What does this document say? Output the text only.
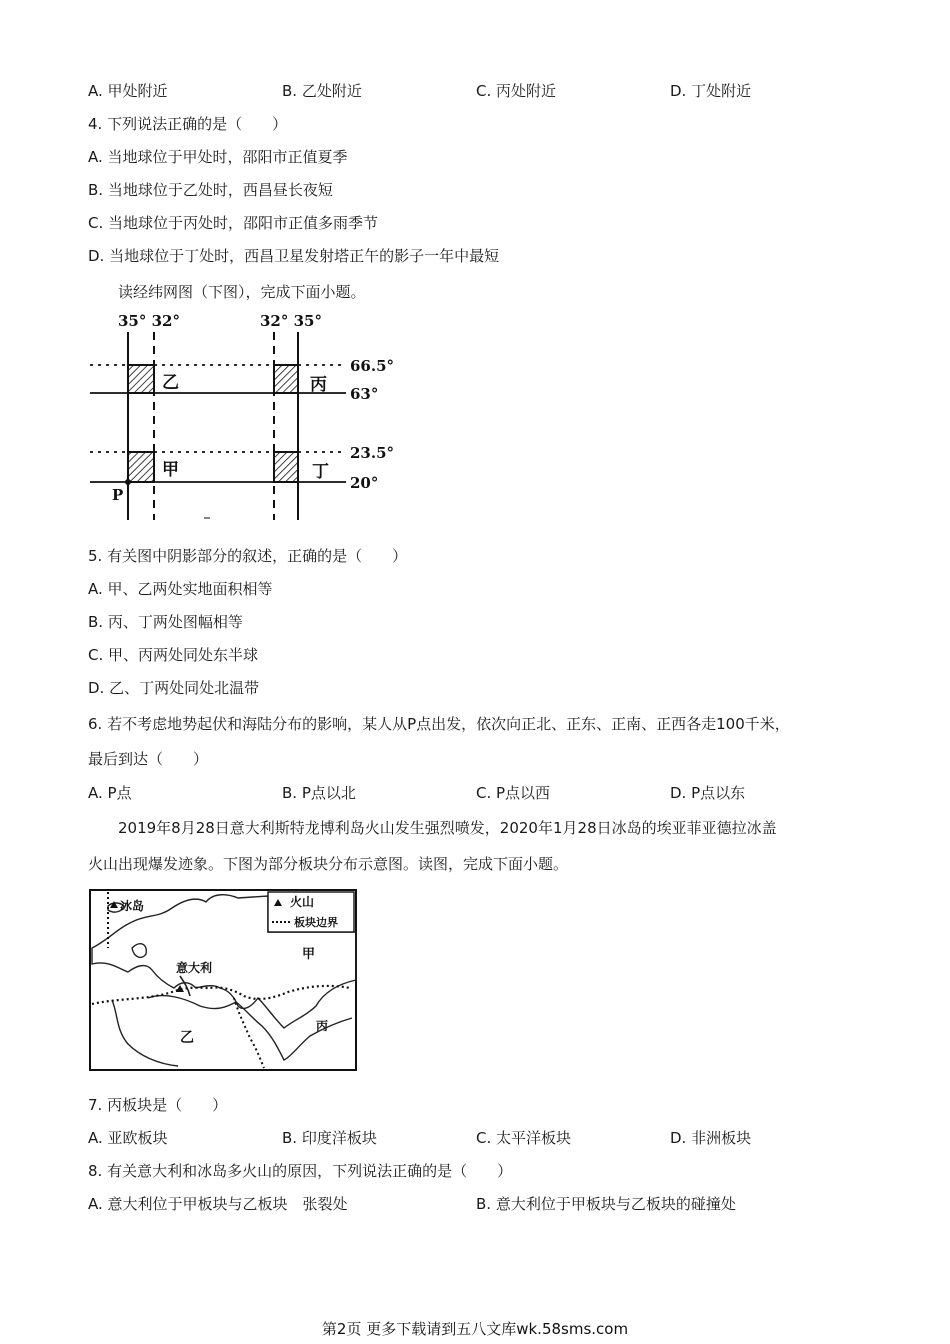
A. 甲处附近	B. 乙处附近	C. 丙处附近	D. 丁处附近
4. 下列说法正确的是（　　）
A. 当地球位于甲处时，邵阳市正值夏季
B. 当地球位于乙处时，西昌昼长夜短
C. 当地球位于丙处时，邵阳市正值多雨季节
D. 当地球位于丁处时，西昌卫星发射塔正午的影子一年中最短
读经纬网图（下图），完成下面小题。
35° 32°	32° 35°
乙	丙
甲	丁
66.5°
63°
23.5°
20°
P
5. 有关图中阴影部分的叙述，正确的是（　　）
A. 甲、乙两处实地面积相等
B. 丙、丁两处图幅相等
C. 甲、丙两处同处东半球
D. 乙、丁两处同处北温带
6. 若不考虑地势起伏和海陆分布的影响，某人从P点出发，依次向正北、正东、正南、正西各走100千米，
最后到达（　　）
A. P点	B. P点以北	C. P点以西	D. P点以东
2019年8月28日意大利斯特龙博利岛火山发生强烈喷发，2020年1月28日冰岛的埃亚菲亚德拉冰盖
火山出现爆发迹象。下图为部分板块分布示意图。读图，完成下面小题。
冰岛
意大利
甲
乙
丙
火山
板块边界
7. 丙板块是（　　）
A. 亚欧板块	B. 印度洋板块	C. 太平洋板块	D. 非洲板块
8. 有关意大利和冰岛多火山的原因，下列说法正确的是（　　）
A. 意大利位于甲板块与乙板块　张裂处	B. 意大利位于甲板块与乙板块的碰撞处
第2页 更多下载请到五八文库wk.58sms.com
